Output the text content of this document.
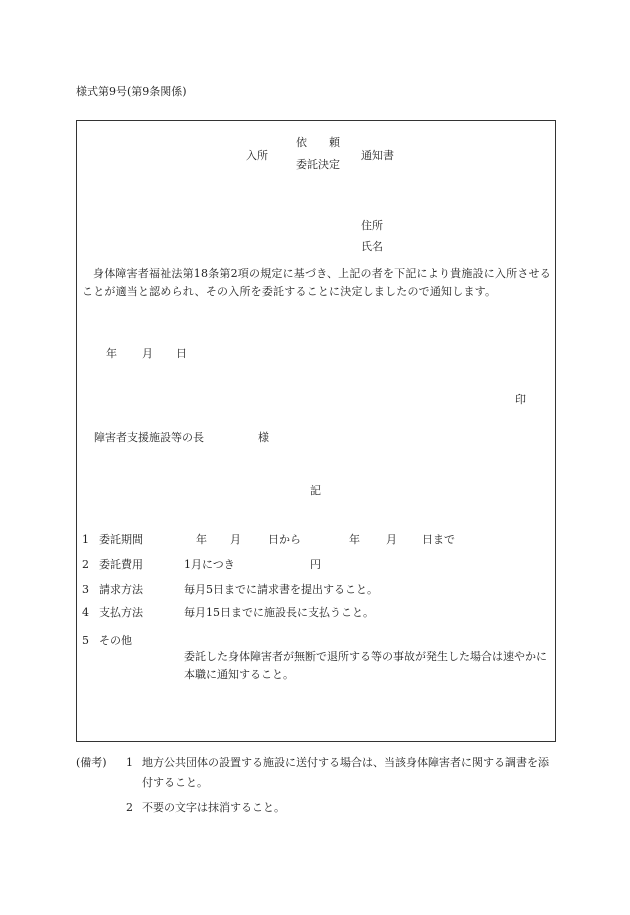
様式第9号(第9条関係)
入所
依　　頼
委託決定
通知書
住所
氏名
身体障害者福祉法第18条第2項の規定に基づき、上記の者を下記により貴施設に入所させることが適当と認められ、その入所を委託することに決定しましたので通知します。
年 月 日
印
障害者支援施設等の長	様
記
1 委託期間	年 月 日から	年 月 日まで
2 委託費用	1月につき	円
3 請求方法	毎月5日までに請求書を提出すること。
4 支払方法	毎月15日までに施設長に支払うこと。
5 その他
委託した身体障害者が無断で退所する等の事故が発生した場合は速やかに本職に通知すること。
(備考) 1 地方公共団体の設置する施設に送付する場合は、当該身体障害者に関する調書を添付すること。
2 不要の文字は抹消すること。
